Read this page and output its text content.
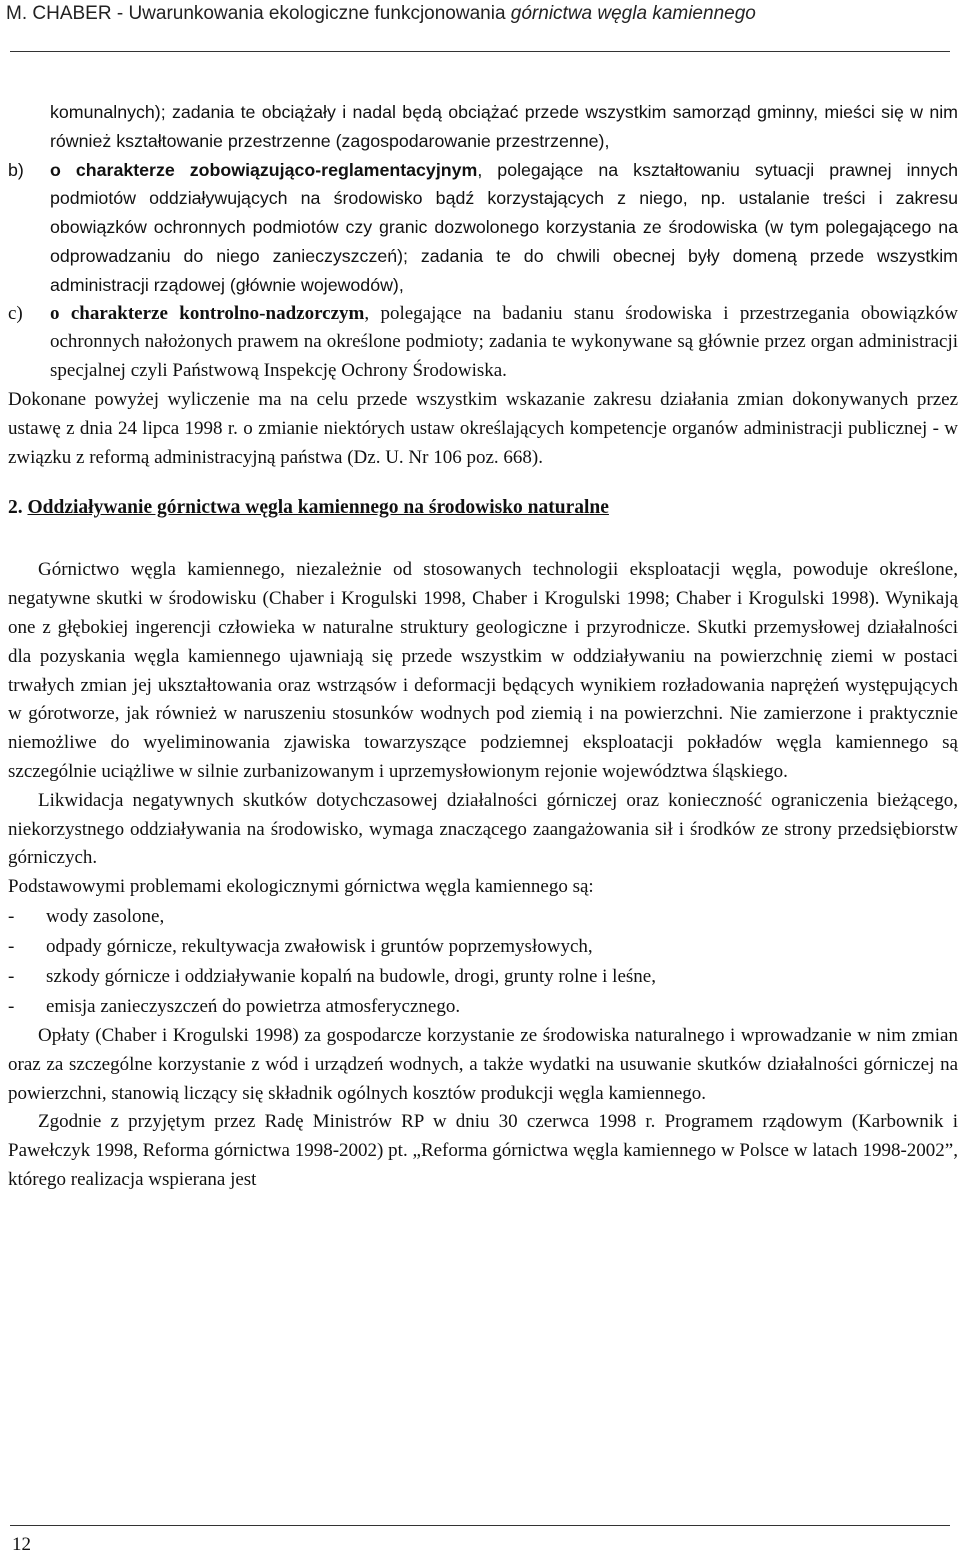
M. CHABER - Uwarunkowania ekologiczne funkcjonowania górnictwa węgla kamiennego
komunalnych); zadania te obciążały i nadal będą obciążać przede wszystkim samorząd gminny, mieści się w nim również kształtowanie przestrzenne (zagospodarowanie przestrzenne),
b) o charakterze zobowiązująco-reglamentacyjnym, polegające na kształtowaniu sytuacji prawnej innych podmiotów oddziaływujących na środowisko bądź korzystających z niego, np. ustalanie treści i zakresu obowiązków ochronnych podmiotów czy granic dozwolonego korzystania ze środowiska (w tym polegającego na odprowadzaniu do niego zanieczyszczeń); zadania te do chwili obecnej były domeną przede wszystkim administracji rządowej (głównie wojewodów),
c) o charakterze kontrolno-nadzorczym, polegające na badaniu stanu środowiska i przestrzegania obowiązków ochronnych nałożonych prawem na określone podmioty; zadania te wykonywane są głównie przez organ administracji specjalnej czyli Państwową Inspekcję Ochrony Środowiska.

Dokonane powyżej wyliczenie ma na celu przede wszystkim wskazanie zakresu działania zmian dokonywanych przez ustawę z dnia 24 lipca 1998 r. o zmianie niektórych ustaw określających kompetencje organów administracji publicznej - w związku z reformą administracyjną państwa (Dz. U. Nr 106 poz. 668).

2. Oddziaływanie górnictwa węgla kamiennego na środowisko naturalne

Górnictwo węgla kamiennego, niezależnie od stosowanych technologii eksploatacji węgla, powoduje określone, negatywne skutki w środowisku (Chaber i Krogulski 1998, Chaber i Krogulski 1998; Chaber i Krogulski 1998). Wynikają one z głębokiej ingerencji człowieka w naturalne struktury geologiczne i przyrodnicze. Skutki przemysłowej działalności dla pozyskania węgla kamiennego ujawniają się przede wszystkim w oddziaływaniu na powierzchnię ziemi w postaci trwałych zmian jej ukształtowania oraz wstrząsów i deformacji będących wynikiem rozładowania naprężeń występujących w górotworze, jak również w naruszeniu stosunków wodnych pod ziemią i na powierzchni. Nie zamierzone i praktycznie niemożliwe do wyeliminowania zjawiska towarzyszące podziemnej eksploatacji pokładów węgla kamiennego są szczególnie uciążliwe w silnie zurbanizowanym i uprzemysłowionym rejonie województwa śląskiego.

Likwidacja negatywnych skutków dotychczasowej działalności górniczej oraz konieczność ograniczenia bieżącego, niekorzystnego oddziaływania na środowisko, wymaga znaczącego zaangażowania sił i środków ze strony przedsiębiorstw górniczych.

Podstawowymi problemami ekologicznymi górnictwa węgla kamiennego są:

- wody zasolone,
- odpady górnicze, rekultywacja zwałowisk i gruntów poprzemysłowych,
- szkody górnicze i oddziaływanie kopalń na budowle, drogi, grunty rolne i leśne,
- emisja zanieczyszczeń do powietrza atmosferycznego.

Opłaty (Chaber i Krogulski 1998) za gospodarcze korzystanie ze środowiska naturalnego i wprowadzanie w nim zmian oraz za szczególne korzystanie z wód i urządzeń wodnych, a także wydatki na usuwanie skutków działalności górniczej na powierzchni, stanowią liczący się składnik ogólnych kosztów produkcji węgla kamiennego.

Zgodnie z przyjętym przez Radę Ministrów RP w dniu 30 czerwca 1998 r. Programem rządowym (Karbownik i Pawełczyk 1998, Reforma górnictwa 1998-2002) pt. „Reforma górnictwa węgla kamiennego w Polsce w latach 1998-2002”, którego realizacja wspierana jest

12
